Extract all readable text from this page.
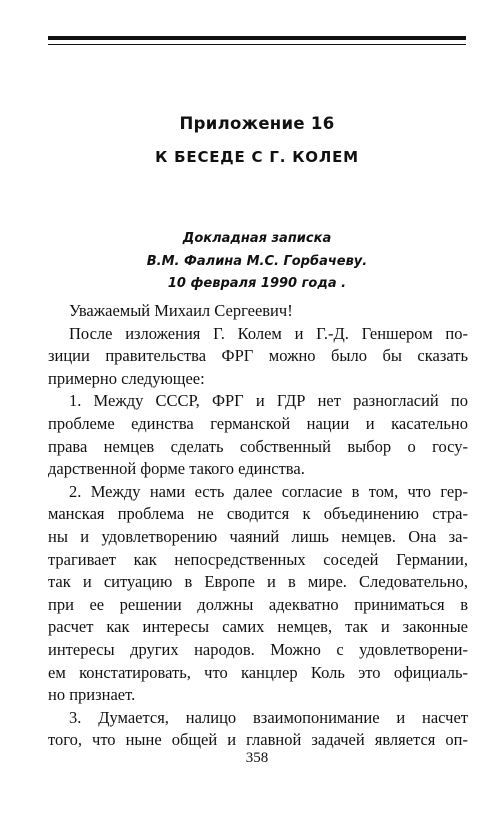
Приложение 16
К БЕСЕДЕ С Г. КОЛЕМ
Докладная записка
В.М. Фалина М.С. Горбачеву.
10 февраля 1990 года .
Уважаемый Михаил Сергеевич!
После изложения Г. Колем и Г.-Д. Геншером по-
зиции правительства ФРГ можно было бы сказать
примерно следующее:
1. Между СССР, ФРГ и ГДР нет разногласий по
проблеме единства германской нации и касательно
права немцев сделать собственный выбор о госу-
дарственной форме такого единства.
2. Между нами есть далее согласие в том, что гер-
манская проблема не сводится к объединению стра-
ны и удовлетворению чаяний лишь немцев. Она за-
трагивает как непосредственных соседей Германии,
так и ситуацию в Европе и в мире. Следовательно,
при ее решении должны адекватно приниматься в
расчет как интересы самих немцев, так и законные
интересы других народов. Можно с удовлетворени-
ем констатировать, что канцлер Коль это официаль-
но признает.
3. Думается, налицо взаимопонимание и насчет
того, что ныне общей и главной задачей является оп-
358
